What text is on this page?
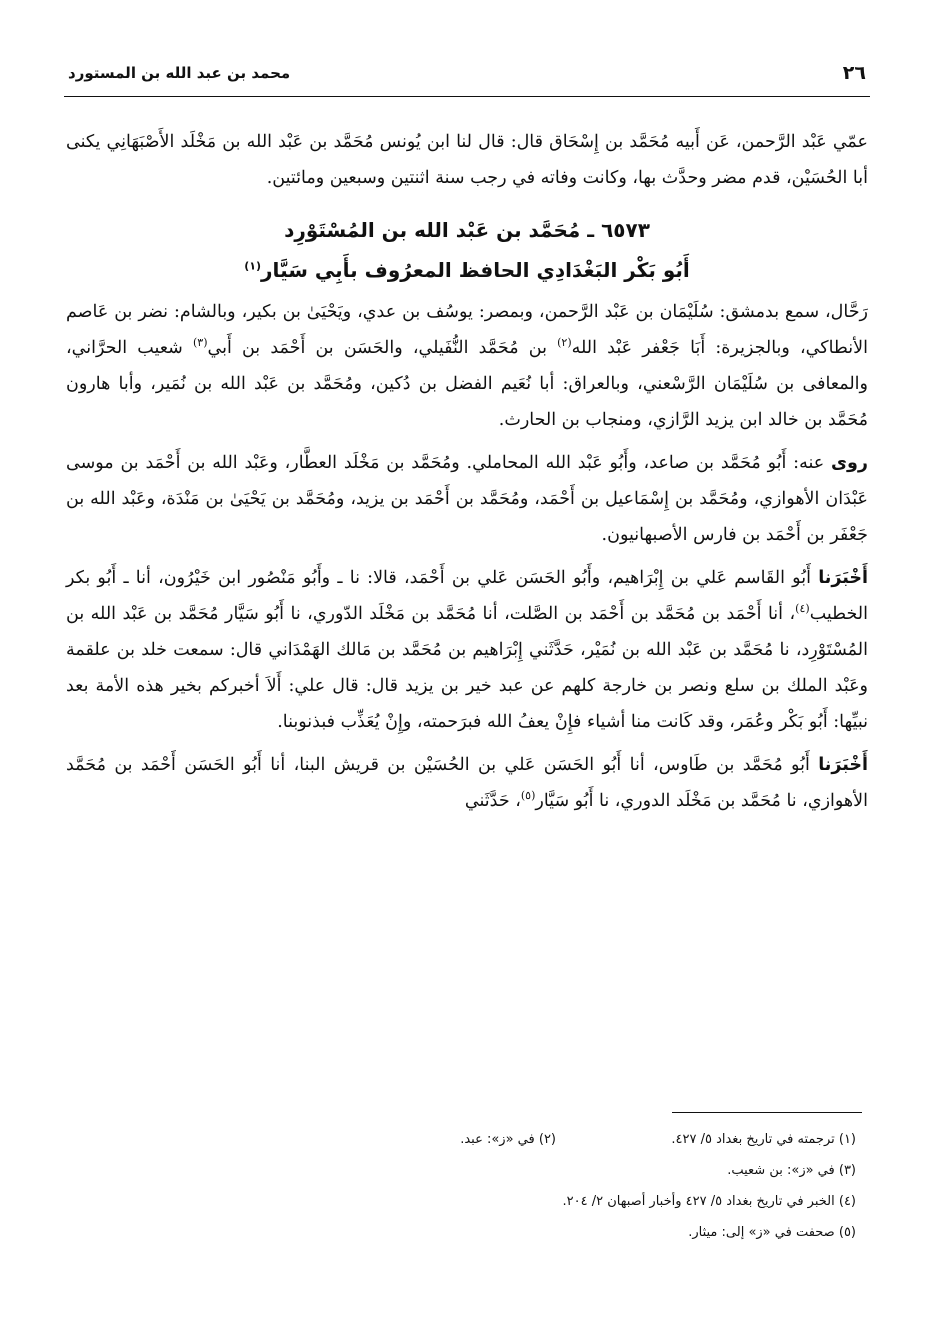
٢٦
محمد بن عبد الله بن المستورد

عمّي عَبْد الرَّحمن، عَن أَبيه مُحَمَّد بن إِسْحَاق قال: قال لنا ابن يُونس مُحَمَّد بن عَبْد الله بن مَخْلَد الأَصْبَهَانِي يكنى أبا الحُسَيْن، قدم مضر وحدَّث بها، وكانت وفاته في رجب سنة اثنتين وسبعين ومائتين.

٦٥٧٣ ـ مُحَمَّد بن عَبْد الله بن المُسْتَوْرِد
أَبُو بَكْر البَغْدَادِي الحافظ المعرُوف بأَبِي سَيَّار$^{(١)}$

رَحَّال، سمع بدمشق: سُلَيْمَان بن عَبْد الرَّحمن، وبمصر: يوسُف بن عدي، ويَحْيَىٰ بن بكير، وبالشام: نضر بن عَاصم الأنطاكي، وبالجزيرة: أَبَا جَعْفر عَبْد الله$^{(٢)}$ بن مُحَمَّد النُّفَيلي، والحَسَن بن أَحْمَد بن أَبي$^{(٣)}$ شعيب الحرَّاني، والمعافى بن سُلَيْمَان الرَّسْعني، وبالعراق: أبا نُعَيم الفضل بن دُكين، ومُحَمَّد بن عَبْد الله بن نُمَير، وأبا هارون مُحَمَّد بن خالد ابن يزيد الرَّازي، ومنجاب بن الحارث.

روى عنه: أَبُو مُحَمَّد بن صاعد، وأَبُو عَبْد الله المحاملي. ومُحَمَّد بن مَخْلَد العطَّار، وعَبْد الله بن أَحْمَد بن موسى عَبْدَان الأهوازي، ومُحَمَّد بن إِسْمَاعيل بن أَحْمَد، ومُحَمَّد بن أَحْمَد بن يزيد، ومُحَمَّد بن يَحْيَىٰ بن مَنْدَة، وعَبْد الله بن جَعْفَر بن أَحْمَد بن فارس الأصبهانيون.

أَخْبَرَنا أَبُو القَاسم عَلي بن إِبْرَاهيم، وأَبُو الحَسَن عَلي بن أَحْمَد، قالا: نا ـ وأَبُو مَنْصُور ابن خَيْرُون، أنا ـ أَبُو بكر الخطيب$^{(٤)}$، أنا أَحْمَد بن مُحَمَّد بن أَحْمَد بن الصَّلت، أنا مُحَمَّد بن مَخْلَد الدّوري، نا أَبُو سَيَّار مُحَمَّد بن عَبْد الله بن المُسْتَوْرِد، نا مُحَمَّد بن عَبْد الله بن نُمَيْر، حَدَّثَني إِبْرَاهيم بن مُحَمَّد بن مَالك الهَمْدَاني قال: سمعت خلد بن علقمة وعَبْد الملك بن سلع ونصر بن خارجة كلهم عن عبد خير بن يزيد قال: قال علي: أَلاَ أخبركم بخير هذه الأمة بعد نبيِّها: أَبُو بَكْر وعُمَر، وقد كَانت منا أشياء فإِنْ يعفُ الله فبرَحمته، وإِنْ يُعَذِّب فبذنوبنا.

أَخْبَرَنا أَبُو مُحَمَّد بن طَاوس، أنا أَبُو الحَسَن عَلي بن الحُسَيْن بن قريش البنا، أنا أَبُو الحَسَن أَحْمَد بن مُحَمَّد الأهوازي، نا مُحَمَّد بن مَخْلَد الدوري، نا أَبُو سَيَّار$^{(٥)}$، حَدَّثَني

(١) ترجمته في تاريخ بغداد ٥/ ٤٢٧.
(٢) في «ز»: عبد.
(٣) في «ز»: بن شعيب.
(٤) الخبر في تاريخ بغداد ٥/ ٤٢٧ وأخبار أصبهان ٢/ ٢٠٤.
(٥) صحفت في «ز» إلى: ميثار.
